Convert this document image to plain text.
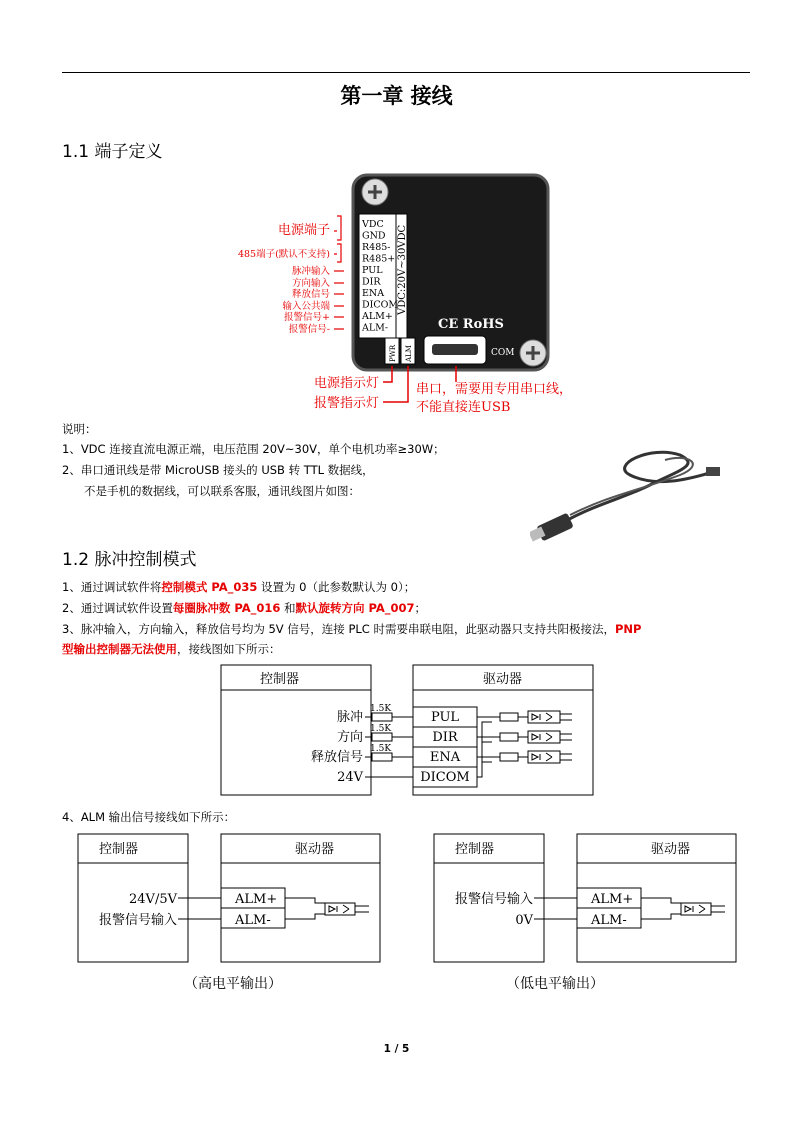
第一章 接线
1.1 端子定义
VDC
GND
R485-
R485+
PUL
DIR
ENA
DICOM
ALM+
ALM-
VDC:20V~30VDC
CE RoHS
PWR ALM	COM
电源端子
485端子(默认不支持)
脉冲输入
方向输入
释放信号
输入公共端
报警信号+
报警信号-
电源指示灯
报警指示灯
串口，需要用专用串口线，
不能直接连USB
说明：
1、VDC 连接直流电源正端，电压范围 20V~30V，单个电机功率≥30W；
2、串口通讯线是带 MicroUSB 接头的 USB 转 TTL 数据线，
不是手机的数据线，可以联系客服，通讯线图片如图：
1.2 脉冲控制模式
1、通过调试软件将控制模式 PA_035 设置为 0（此参数默认为 0）；
2、通过调试软件设置每圈脉冲数 PA_016 和默认旋转方向 PA_007；
3、脉冲输入，方向输入，释放信号均为 5V 信号，连接 PLC 时需要串联电阻，此驱动器只支持共阳极接法，PNP
型输出控制器无法使用，接线图如下所示：
控制器	驱动器
脉冲
1.5K
PUL
方向
1.5K
DIR
释放信号
1.5K
ENA
24V	DICOM
4、ALM 输出信号接线如下所示：
控制器	驱动器
24V/5V
报警信号输入
ALM+
ALM-
控制器	驱动器
报警信号输入
0V
ALM+
ALM-
（高电平输出）	（低电平输出）
1 / 5
